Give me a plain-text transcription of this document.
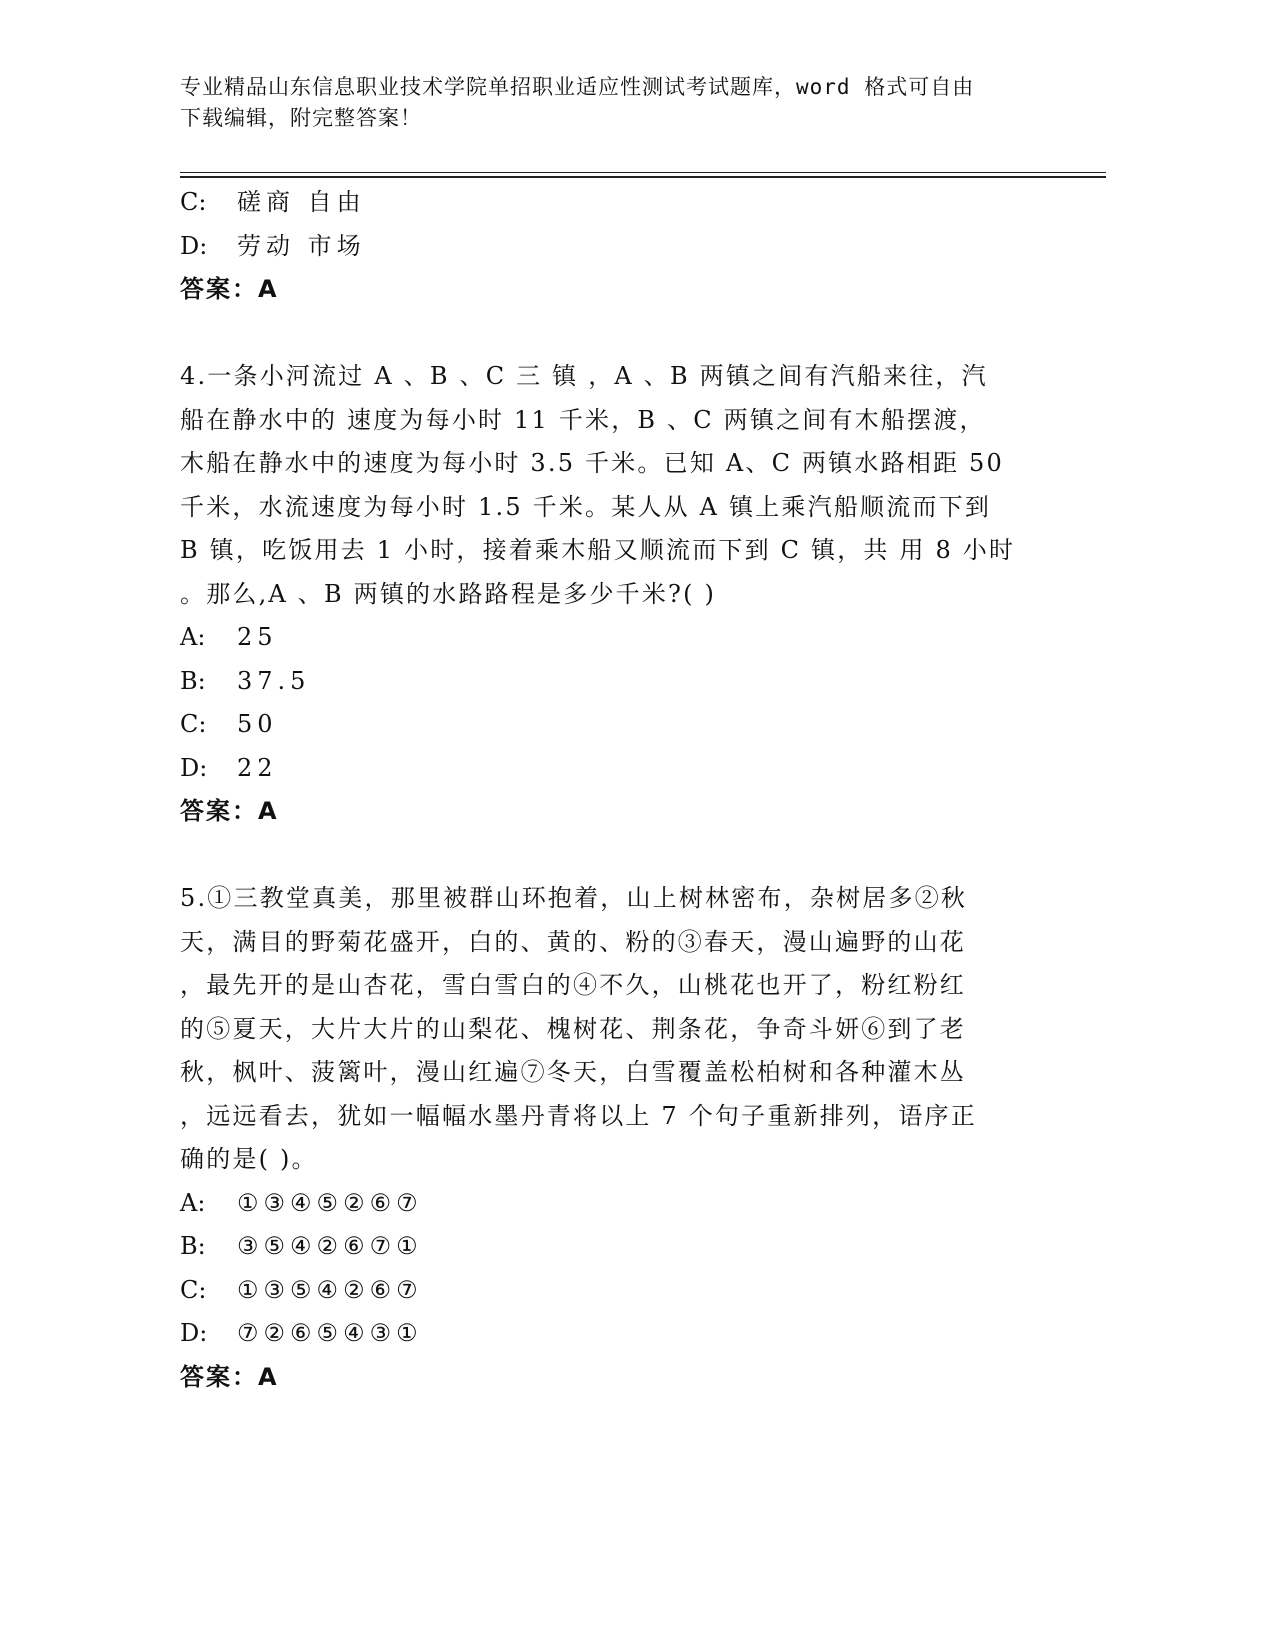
专业精品山东信息职业技术学院单招职业适应性测试考试题库，word 格式可自由
下载编辑，附完整答案！
C:	磋商 自由
D:	劳动 市场
答案：A
4.一条小河流过 A 、B 、C 三 镇 ，A 、B 两镇之间有汽船来往，汽
船在静水中的 速度为每小时 11 千米，B 、C 两镇之间有木船摆渡，
木船在静水中的速度为每小时 3.5 千米。已知 A、C 两镇水路相距 50
千米，水流速度为每小时 1.5 千米。某人从 A 镇上乘汽船顺流而下到
B 镇，吃饭用去 1 小时，接着乘木船又顺流而下到 C 镇，共 用 8 小时
。那么,A 、B 两镇的水路路程是多少千米?( )
A:	25
B:	37.5
C:	50
D:	22
答案：A
5.①三教堂真美，那里被群山环抱着，山上树林密布，杂树居多②秋
天，满目的野菊花盛开，白的、黄的、粉的③春天，漫山遍野的山花
，最先开的是山杏花，雪白雪白的④不久，山桃花也开了，粉红粉红
的⑤夏天，大片大片的山梨花、槐树花、荆条花，争奇斗妍⑥到了老
秋，枫叶、菠篱叶，漫山红遍⑦冬天，白雪覆盖松柏树和各种灌木丛
，远远看去，犹如一幅幅水墨丹青将以上 7 个句子重新排列，语序正
确的是( )。
A:	①③④⑤②⑥⑦
B:	③⑤④②⑥⑦①
C:	①③⑤④②⑥⑦
D:	⑦②⑥⑤④③①
答案：A
